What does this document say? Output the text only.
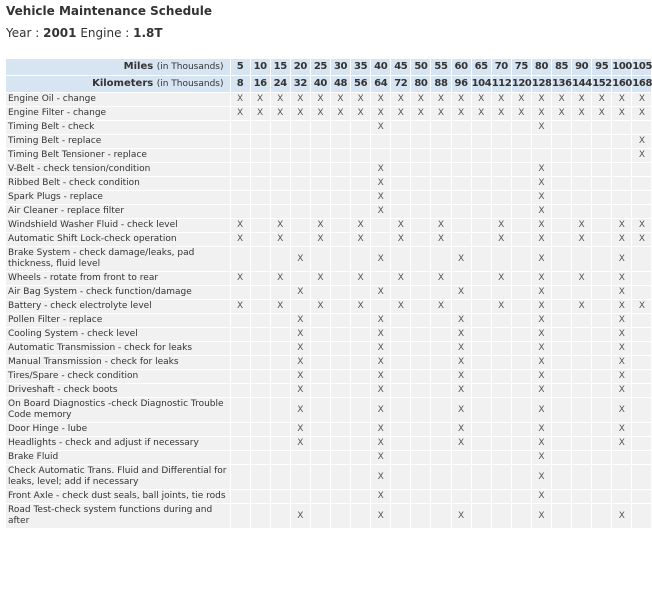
Vehicle Maintenance Schedule
Year : 2001 Engine : 1.8T
Miles (in Thousands)	5	10	15	20	25	30	35	40	45	50	55	60	65	70	75	80	85	90	95	100	105
Kilometers (in Thousands)	8	16	24	32	40	48	56	64	72	80	88	96	104	112	120	128	136	144	152	160	168
Engine Oil - change	X	X	X	X	X	X	X	X	X	X	X	X	X	X	X	X	X	X	X	X	X
Engine Filter - change	X	X	X	X	X	X	X	X	X	X	X	X	X	X	X	X	X	X	X	X	X
Timing Belt - check								X								X					
Timing Belt - replace																					X
Timing Belt Tensioner - replace																					X
V-Belt - check tension/condition								X								X					
Ribbed Belt - check condition								X								X					
Spark Plugs - replace								X								X					
Air Cleaner - replace filter								X								X					
Windshield Washer Fluid - check level	X		X		X		X		X		X			X		X		X		X	X
Automatic Shift Lock-check operation	X		X		X		X		X		X			X		X		X		X	X
Brake System - check damage/leaks, pad thickness, fluid level				X				X				X				X				X	
Wheels - rotate from front to rear	X		X		X		X		X		X			X		X		X		X	
Air Bag System - check function/damage				X				X				X				X				X	
Battery - check electrolyte level	X		X		X		X		X		X			X		X		X		X	X
Pollen Filter - replace				X				X				X				X				X	
Cooling System - check level				X				X				X				X				X	
Automatic Transmission - check for leaks				X				X				X				X				X	
Manual Transmission - check for leaks				X				X				X				X				X	
Tires/Spare - check condition				X				X				X				X				X	
Driveshaft - check boots				X				X				X				X				X	
On Board Diagnostics -check Diagnostic Trouble Code memory				X				X				X				X				X	
Door Hinge - lube				X				X				X				X				X	
Headlights - check and adjust if necessary				X				X				X				X				X	
Brake Fluid								X								X					
Check Automatic Trans. Fluid and Differential for leaks, level; add if necessary								X								X					
Front Axle - check dust seals, ball joints, tie rods								X								X					
Road Test-check system functions during and after				X				X				X				X				X	
